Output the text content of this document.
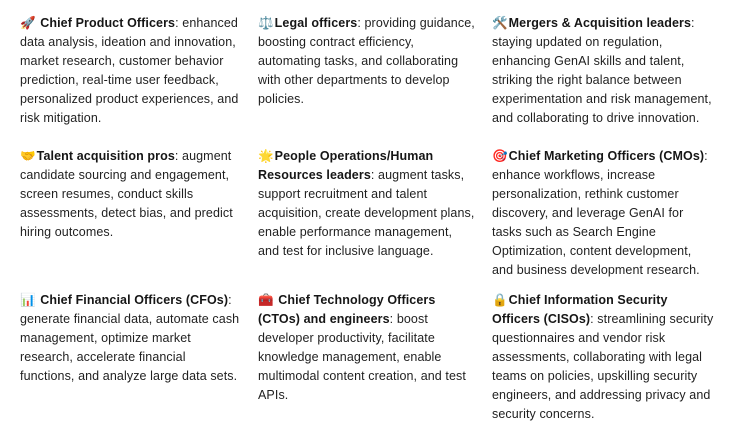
🚀 Chief Product Officers: enhanced data analysis, ideation and innovation, market research, customer behavior prediction, real-time user feedback, personalized product experiences, and risk mitigation.

⚖️Legal officers: providing guidance, boosting contract efficiency, automating tasks, and collaborating with other departments to develop policies.

🛠️Mergers & Acquisition leaders: staying updated on regulation, enhancing GenAI skills and talent, striking the right balance between experimentation and risk management, and collaborating to drive innovation.

🤝Talent acquisition pros: augment candidate sourcing and engagement, screen resumes, conduct skills assessments, detect bias, and predict hiring outcomes.

🌟People Operations/Human Resources leaders: augment tasks, support recruitment and talent acquisition, create development plans, enable performance management, and test for inclusive language.

🎯Chief Marketing Officers (CMOs): enhance workflows, increase personalization, rethink customer discovery, and leverage GenAI for tasks such as Search Engine Optimization, content development, and business development research.

📊 Chief Financial Officers (CFOs): generate financial data, automate cash management, optimize market research, accelerate financial functions, and analyze large data sets.

🧰 Chief Technology Officers (CTOs) and engineers: boost developer productivity, facilitate knowledge management, enable multimodal content creation, and test APIs.

🔒Chief Information Security Officers (CISOs): streamlining security questionnaires and vendor risk assessments, collaborating with legal teams on policies, upskilling security engineers, and addressing privacy and security concerns.
